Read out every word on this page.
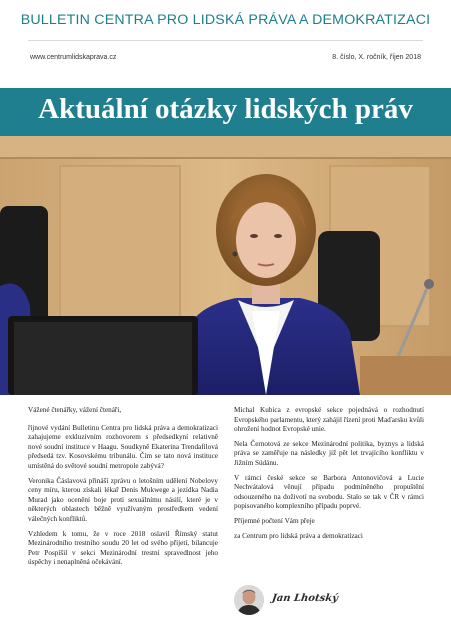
BULLETIN CENTRA PRO LIDSKÁ PRÁVA A DEMOKRATIZACI
www.centrumlidskaprava.cz	8. číslo, X. ročník, říjen 2018
Aktuální otázky lidských práv

Vážené čtenářky, vážení čtenáři,

říjnové vydání Bulletinu Centra pro lidská práva a demokratizaci zahajujeme exkluzivním rozhovorem s předsedkyní relativně nové soudní instituce v Haagu. Soudkyně Ekaterina Trendafilová předsedá tzv. Kosovskému tribunálu. Čím se tato nová instituce umístěná do světové soudní metropole zabývá?

Veronika Čáslavová přináší zprávu o letošním udělení Nobelovy ceny míru, kterou získali lékař Denis Mukwege a jezídka Nadia Murad jako ocenění boje proti sexuálnímu násilí, které je v některých oblastech běžně využívaným prostředkem vedení válečných konfliktů.

Vzhledem k tomu, že v roce 2018 oslavil Římský statut Mezinárodního trestního soudu 20 let od svého přijetí, bilancuje Petr Pospíšil v sekci Mezinárodní trestní spravedlnost jeho úspěchy i nenaplněná očekávání.

Michal Kubica z evropské sekce pojednává o rozhodnutí Evropského parlamentu, který zahájil řízení proti Maďarsku kvůli ohrožení hodnot Evropské unie.

Nela Černotová ze sekce Mezinárodní politika, byznys a lidská práva se zaměřuje na následky již pět let trvajícího konfliktu v Jižním Súdánu.

V rámci české sekce se Barbora Antonovičová a Lucie Nechvátalová věnují případu podmíněného propuštění odsouzeného na doživotí na svobodu. Stalo se tak v ČR v rámci popisovaného komplexního případu poprvé.

Příjemné počtení Vám přeje

za Centrum pro lidská práva a demokratizaci

Jan Lhotský
